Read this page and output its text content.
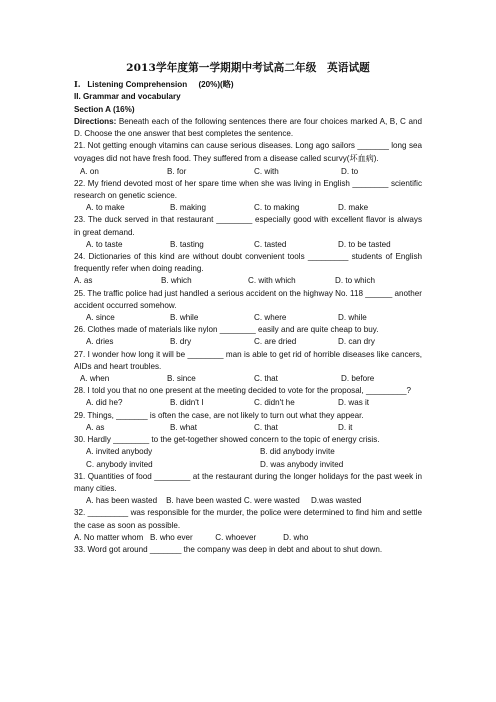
2013学年度第一学期期中考试高二年级　英语试题

I. Listening Comprehension (20%)(略)

II. Grammar and vocabulary

Section A (16%)

Directions: Beneath each of the following sentences there are four choices marked A, B, C and D. Choose the one answer that best completes the sentence.

21. Not getting enough vitamins can cause serious diseases. Long ago sailors _______ long sea voyages did not have fresh food. They suffered from a disease called scurvy(坏血病).

A. on	B. for	C. with	D. to

22. My friend devoted most of her spare time when she was living in English ________ scientific research on genetic science.

A. to make	B. making	C. to making	D. make

23. The duck served in that restaurant ________ especially good with excellent flavor is always in great demand.

A. to taste	B. tasting	C. tasted	D. to be tasted

24. Dictionaries of this kind are without doubt convenient tools _________ students of English frequently refer when doing reading.

A. as	B. which	C. with which	D. to which

25. The traffic police had just handled a serious accident on the highway No. 118 ______ another accident occurred somehow.

A. since	B. while	C. where	D. while

26. Clothes made of materials like nylon ________ easily and are quite cheap to buy.

A. dries	B. dry	C. are dried	D. can dry

27. I wonder how long it will be ________ man is able to get rid of horrible diseases like cancers, AIDs and heart troubles.

A. when	B. since	C. that	D. before

28. I told you that no one present at the meeting decided to vote for the proposal, _________?

A. did he?	B. didn't I	C. didn't he	D. was it

29. Things, _______ is often the case, are not likely to turn out what they appear.

A. as	B. what	C. that	D. it

30. Hardly ________ to the get-together showed concern to the topic of energy crisis.

A. invited anybody	B. did anybody invite
C. anybody invited	D. was anybody invited

31. Quantities of food ________ at the restaurant during the longer holidays for the past week in many cities.

A. has been wasted    B. have been wasted C. were wasted     D.was wasted

32. _________ was responsible for the murder, the police were determined to find him and settle the case as soon as possible.

A. No matter whom   B. who ever          C. whoever            D. who

33. Word got around _______ the company was deep in debt and about to shut down.
